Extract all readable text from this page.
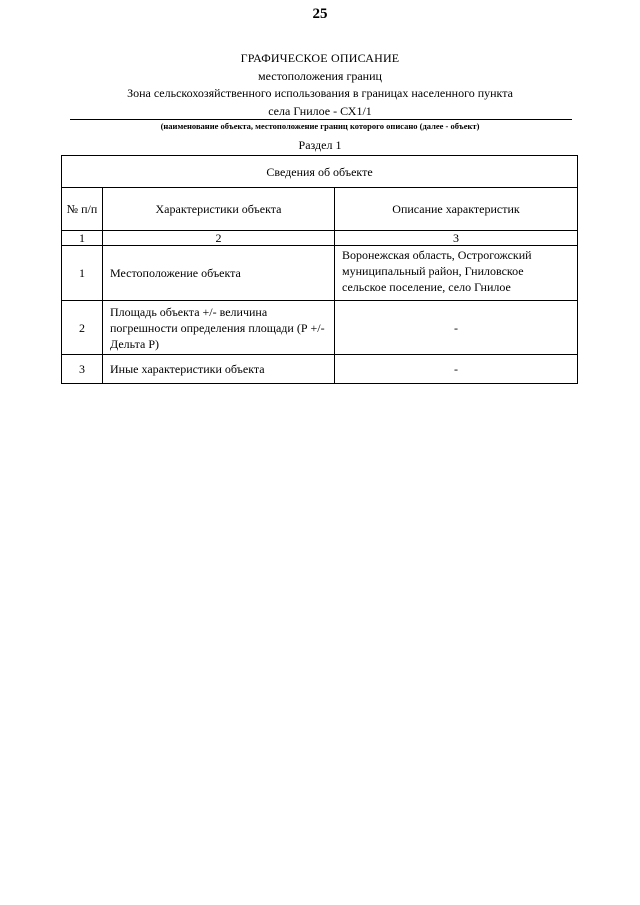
25
ГРАФИЧЕСКОЕ ОПИСАНИЕ
местоположения границ
Зона сельскохозяйственного использования в границах населенного пункта
села Гнилое - СХ1/1
(наименование объекта, местоположение границ которого описано (далее - объект)
Раздел 1
Сведения об объекте		
№ п/п	Характеристики объекта	Описание характеристик
1	2	3
1	Местоположение объекта	Воронежская область, Острогожский муниципальный район, Гниловское сельское поселение, село Гнилое
2	Площадь объекта +/- величина погрешности определения площади (Р +/- Дельта Р)	-
3	Иные характеристики объекта	-
